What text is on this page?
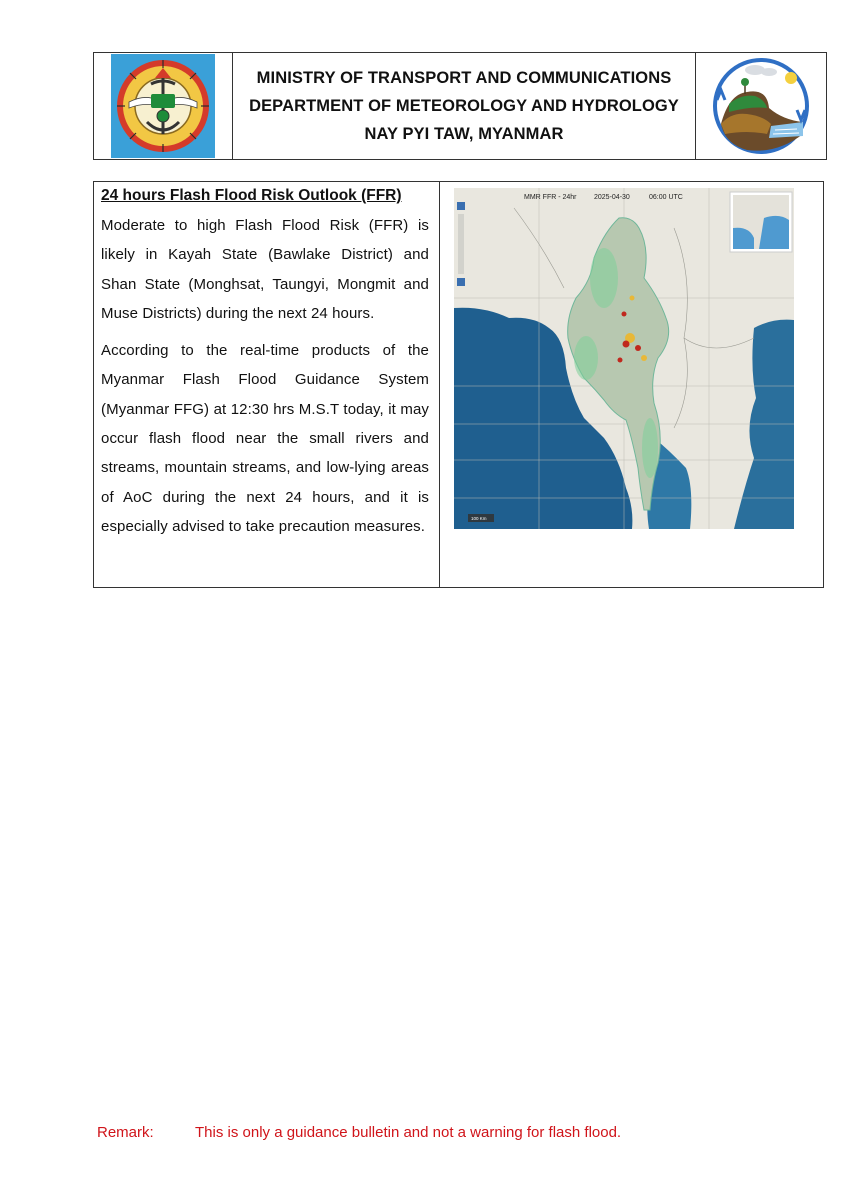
MINISTRY OF TRANSPORT AND COMMUNICATIONS
DEPARTMENT OF METEOROLOGY AND HYDROLOGY
NAY PYI TAW, MYANMAR
24 hours Flash Flood Risk Outlook (FFR)

Moderate to high Flash Flood Risk (FFR) is likely in Kayah State (Bawlake District) and Shan State (Monghsat, Taungyi, Mongmit and Muse Districts) during the next 24 hours.

According to the real-time products of the Myanmar Flash Flood Guidance System (Myanmar FFG) at 12:30 hrs M.S.T today, it may occur flash flood near the small rivers and streams, mountain streams, and low-lying areas of AoC during the next 24 hours, and it is especially advised to take precaution measures.

MMR FFR - 24hr	2025-04-30	06:00 UTC
100 Km
Remark:	This is only a guidance bulletin and not a warning for flash flood.
